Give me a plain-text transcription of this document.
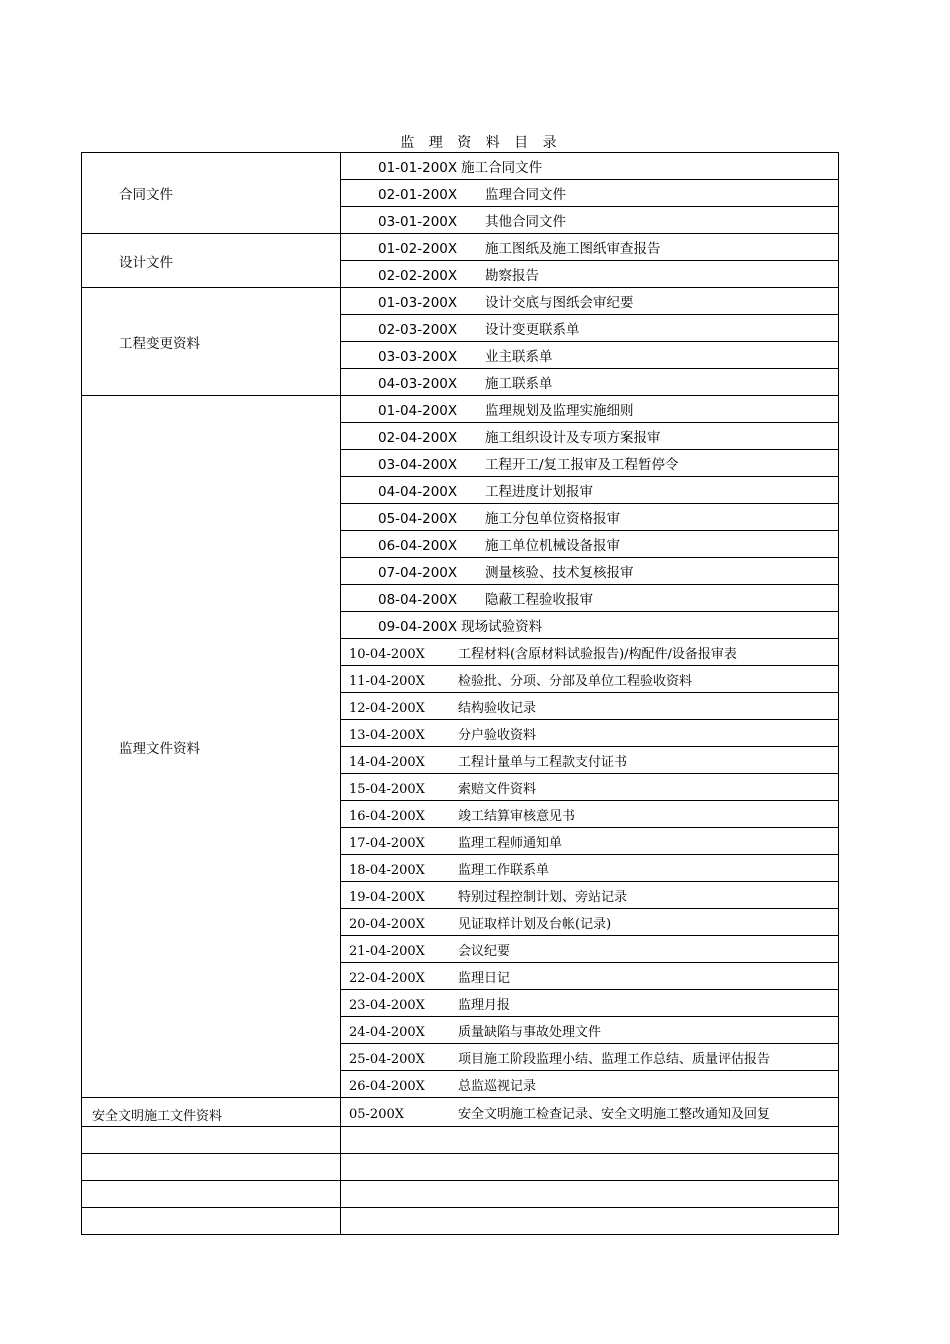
监 理 资 料 目 录
合同文件	01-01-200X 施工合同文件
	02-01-200X 监理合同文件
	03-01-200X 其他合同文件
设计文件	01-02-200X 施工图纸及施工图纸审查报告
	02-02-200X 勘察报告
工程变更资料	01-03-200X 设计交底与图纸会审纪要
	02-03-200X 设计变更联系单
	03-03-200X 业主联系单
	04-03-200X 施工联系单
监理文件资料	01-04-200X 监理规划及监理实施细则
	02-04-200X 施工组织设计及专项方案报审
	03-04-200X 工程开工/复工报审及工程暂停令
	04-04-200X 工程进度计划报审
	05-04-200X 施工分包单位资格报审
	06-04-200X 施工单位机械设备报审
	07-04-200X 测量核验、技术复核报审
	08-04-200X 隐蔽工程验收报审
	09-04-200X 现场试验资料
	10-04-200X 工程材料(含原材料试验报告)/构配件/设备报审表
	11-04-200X 检验批、分项、分部及单位工程验收资料
	12-04-200X 结构验收记录
	13-04-200X 分户验收资料
	14-04-200X 工程计量单与工程款支付证书
	15-04-200X 索赔文件资料
	16-04-200X 竣工结算审核意见书
	17-04-200X 监理工程师通知单
	18-04-200X 监理工作联系单
	19-04-200X 特别过程控制计划、旁站记录
	20-04-200X 见证取样计划及台帐(记录)
	21-04-200X 会议纪要
	22-04-200X 监理日记
	23-04-200X 监理月报
	24-04-200X 质量缺陷与事故处理文件
	25-04-200X 项目施工阶段监理小结、监理工作总结、质量评估报告
	26-04-200X 总监巡视记录
安全文明施工文件资料	05-200X 安全文明施工检查记录、安全文明施工整改通知及回复
